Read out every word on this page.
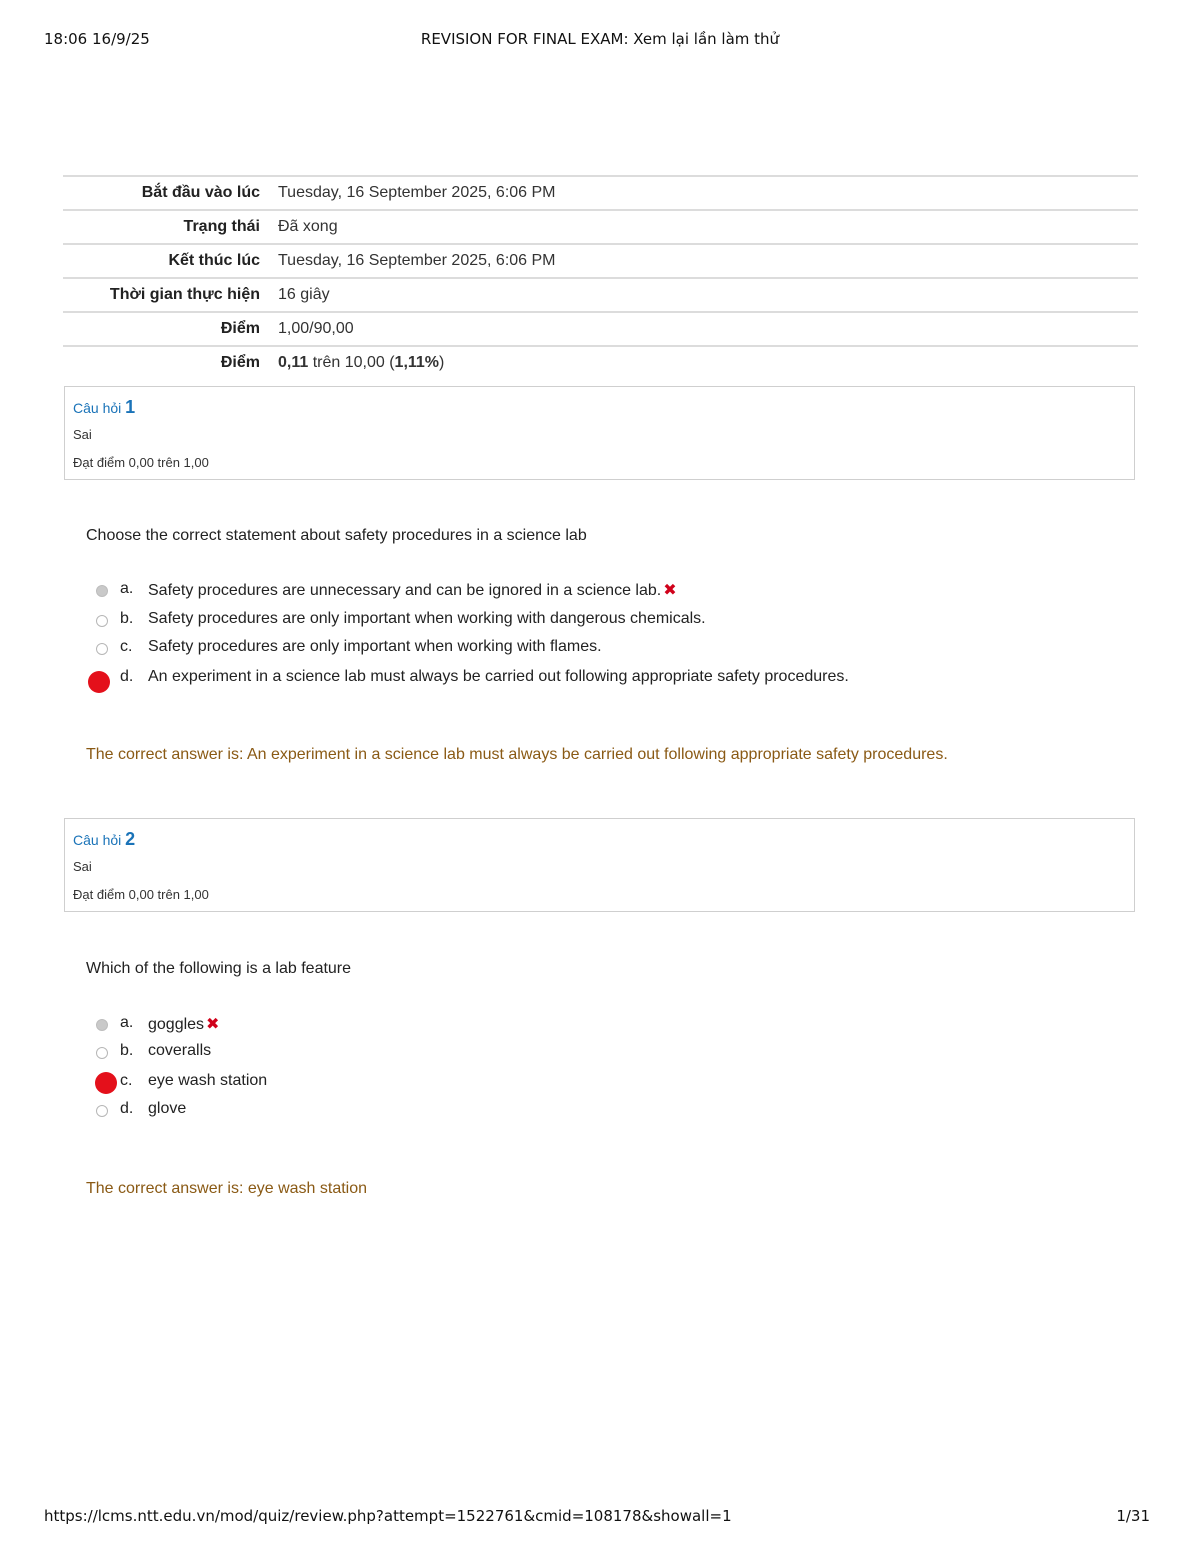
18:06 16/9/25	REVISION FOR FINAL EXAM: Xem lại lần làm thử
Bắt đầu vào lúc	Tuesday, 16 September 2025, 6:06 PM
Trạng thái	Đã xong
Kết thúc lúc	Tuesday, 16 September 2025, 6:06 PM
Thời gian thực hiện	16 giây
Điểm	1,00/90,00
Điểm	0,11 trên 10,00 (1,11%)
Câu hỏi 1
Sai
Đạt điểm 0,00 trên 1,00
Choose the correct statement about safety procedures in a science lab
a. Safety procedures are unnecessary and can be ignored in a science lab. ✖
b. Safety procedures are only important when working with dangerous chemicals.
c. Safety procedures are only important when working with flames.
d. An experiment in a science lab must always be carried out following appropriate safety procedures.
The correct answer is: An experiment in a science lab must always be carried out following appropriate safety procedures.
Câu hỏi 2
Sai
Đạt điểm 0,00 trên 1,00
Which of the following is a lab feature
a. goggles ✖
b. coveralls
c. eye wash station
d. glove
The correct answer is: eye wash station
https://lcms.ntt.edu.vn/mod/quiz/review.php?attempt=1522761&cmid=108178&showall=1	1/31
